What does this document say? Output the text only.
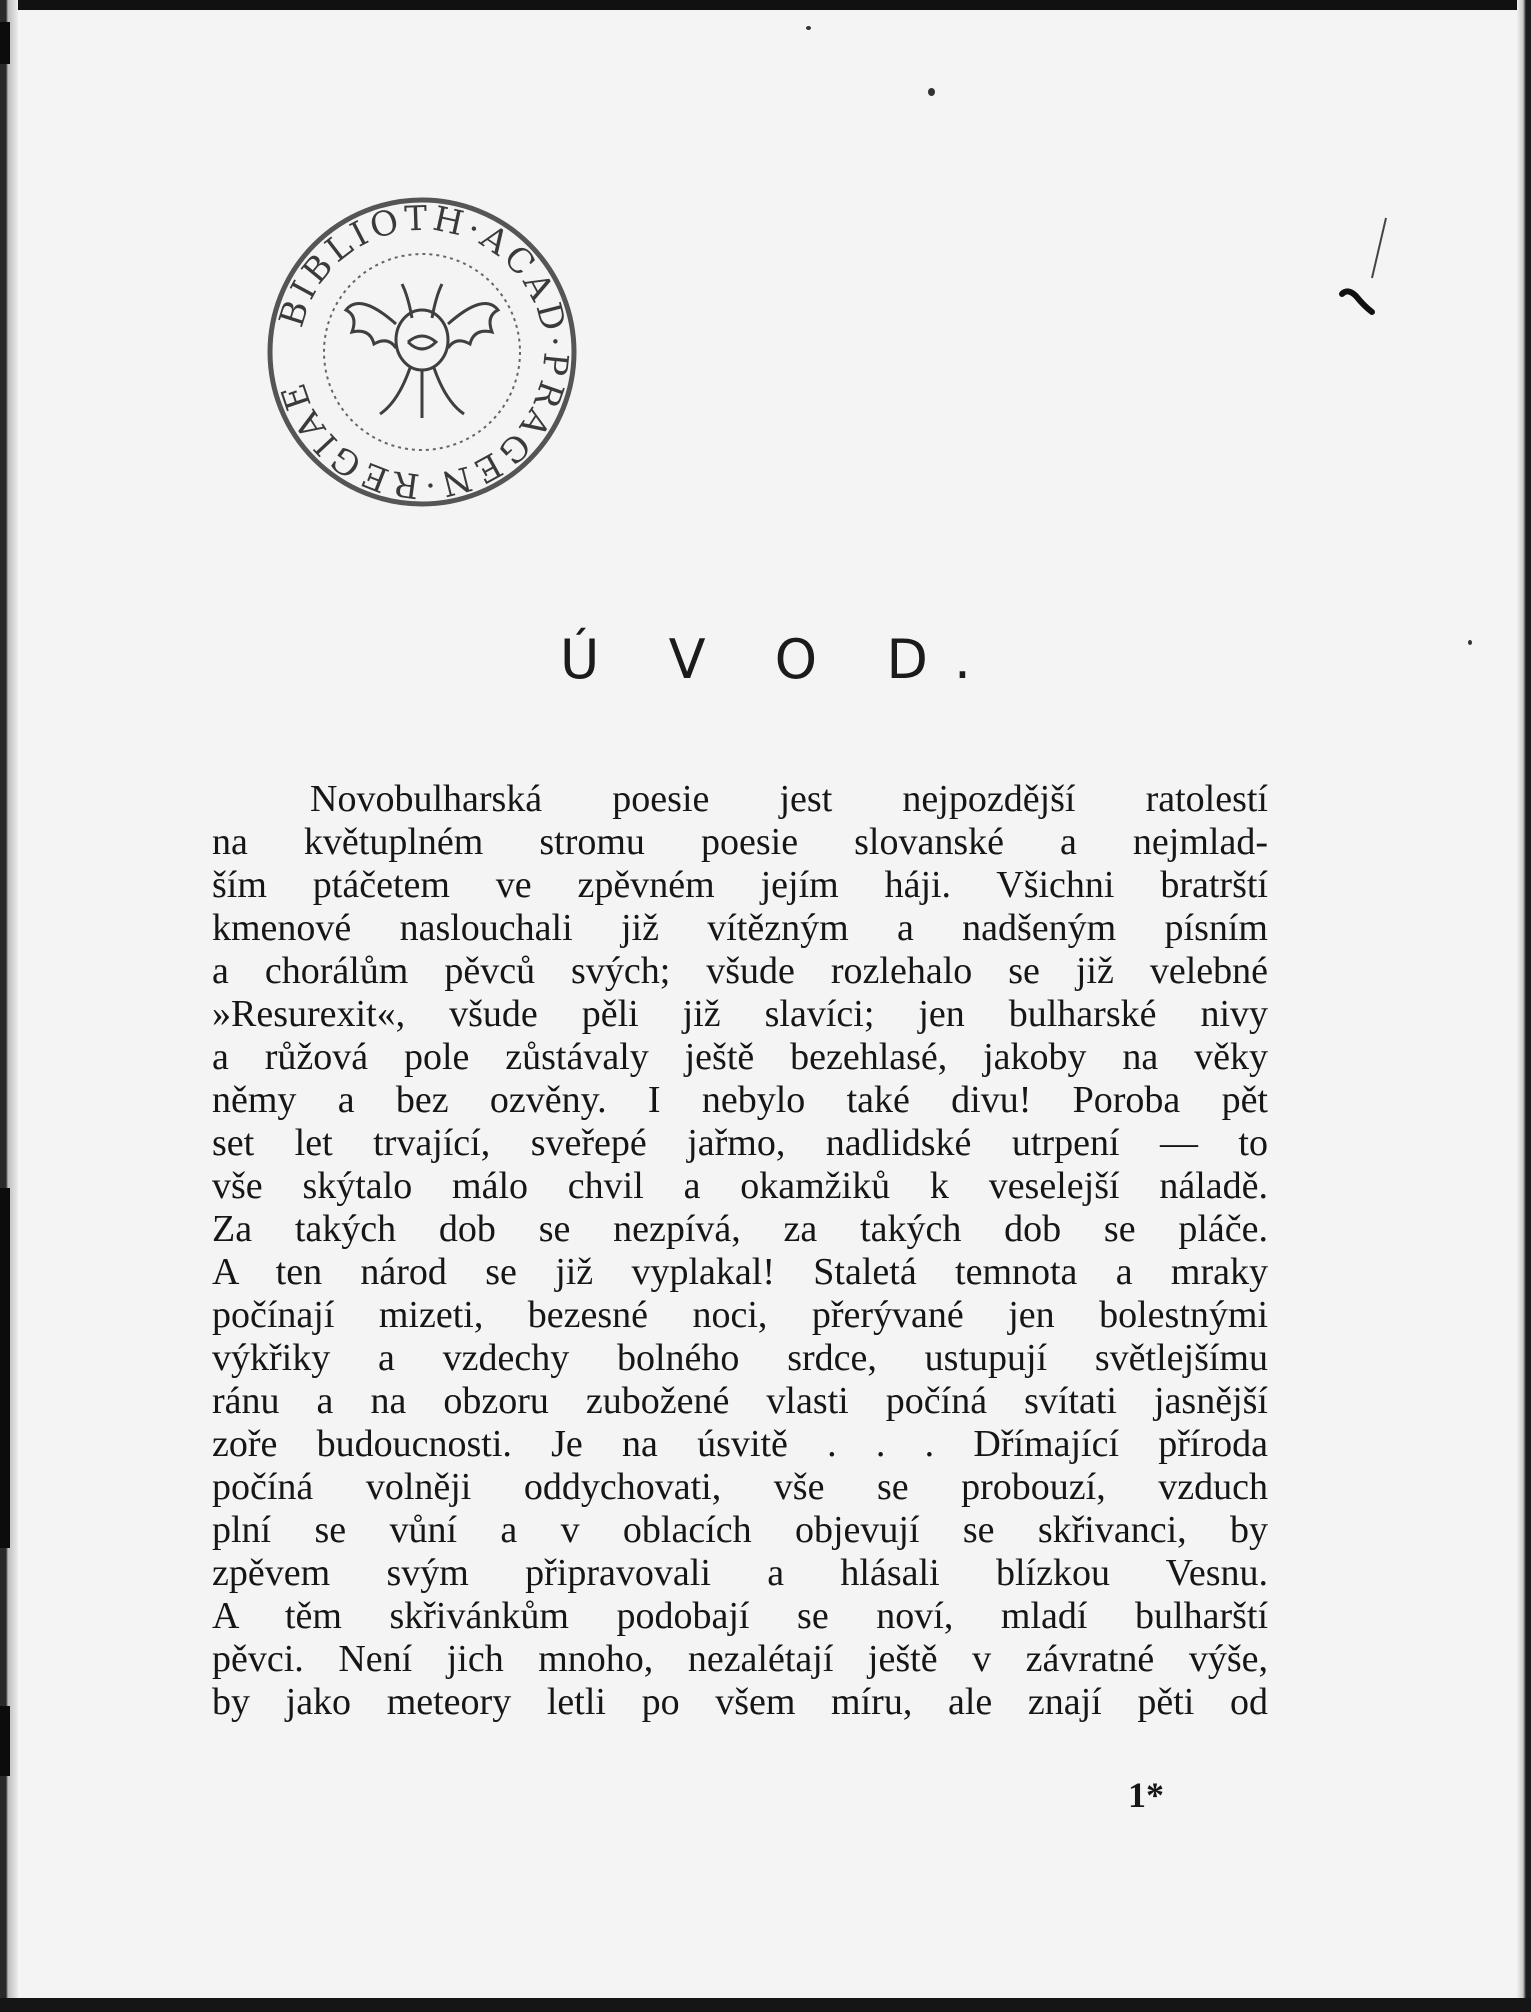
BIBLIOTH·ACAD·PRAGEN·REGIAE
Ú V O D.
Novobulharská poesie jest nejpozdější ratolestí
na květuplném stromu poesie slovanské a nejmlad-
ším ptáčetem ve zpěvném jejím háji. Všichni bratrští
kmenové naslouchali již vítězným a nadšeným písním
a chorálům pěvců svých; všude rozlehalo se již velebné
»Resurexit«, všude pěli již slavíci; jen bulharské nivy
a růžová pole zůstávaly ještě bezehlasé, jakoby na věky
němy a bez ozvěny. I nebylo také divu! Poroba pět
set let trvající, sveřepé jařmo, nadlidské utrpení — to
vše skýtalo málo chvil a okamžiků k veselejší náladě.
Za takých dob se nezpívá, za takých dob se pláče.
A ten národ se již vyplakal! Staletá temnota a mraky
počínají mizeti, bezesné noci, přerývané jen bolestnými
výkřiky a vzdechy bolného srdce, ustupují světlejšímu
ránu a na obzoru zubožené vlasti počíná svítati jasnější
zoře budoucnosti. Je na úsvitě . . . Dřímající příroda
počíná volněji oddychovati, vše se probouzí, vzduch
plní se vůní a v oblacích objevují se skřivanci, by
zpěvem svým připravovali a hlásali blízkou Vesnu.
A těm skřivánkům podobají se noví, mladí bulharští
pěvci. Není jich mnoho, nezalétají ještě v závratné výše,
by jako meteory letli po všem míru, ale znají pěti od

1*
